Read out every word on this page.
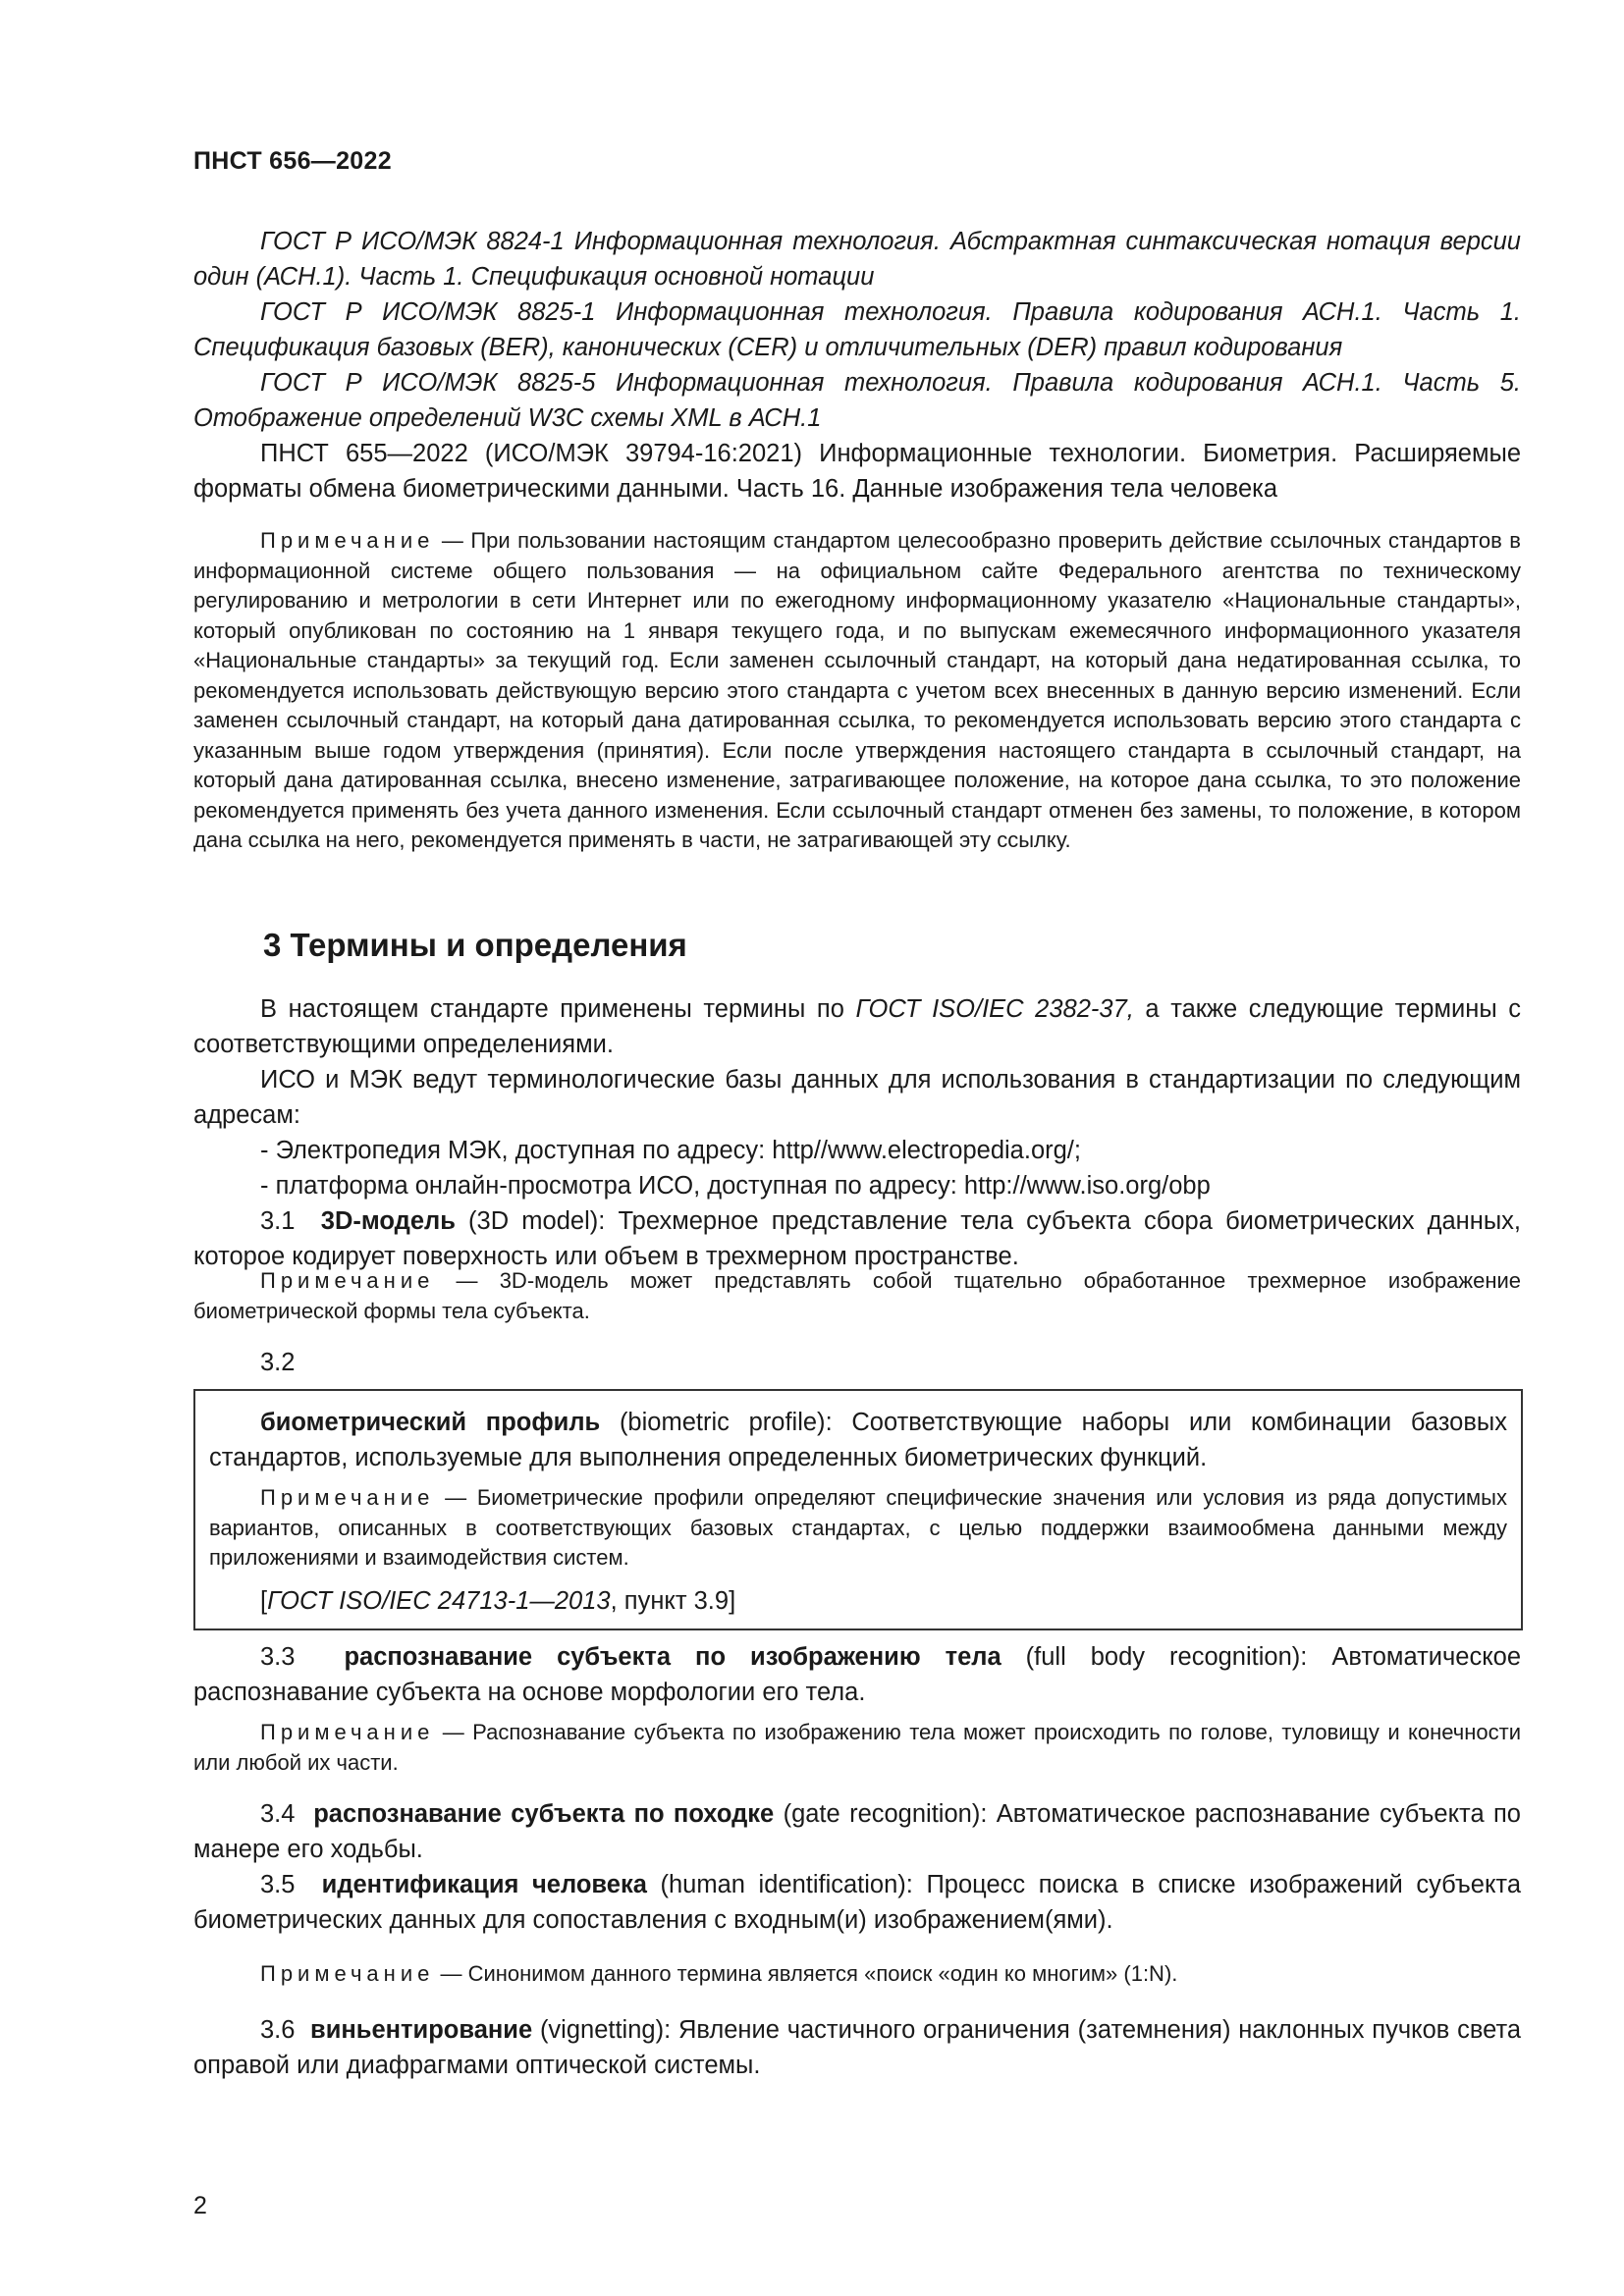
ПНСТ 656—2022

ГОСТ Р ИСО/МЭК 8824-1 Информационная технология. Абстрактная синтаксическая нотация версии один (АСН.1). Часть 1. Спецификация основной нотации

ГОСТ Р ИСО/МЭК 8825-1 Информационная технология. Правила кодирования АСН.1. Часть 1. Спецификация базовых (BER), канонических (CER) и отличительных (DER) правил кодирования

ГОСТ Р ИСО/МЭК 8825-5 Информационная технология. Правила кодирования АСН.1. Часть 5. Отображение определений W3C схемы XML в АСН.1

ПНСТ 655—2022 (ИСО/МЭК 39794-16:2021) Информационные технологии. Биометрия. Расширяемые форматы обмена биометрическими данными. Часть 16. Данные изображения тела человека

Примечание — При пользовании настоящим стандартом целесообразно проверить действие ссылочных стандартов в информационной системе общего пользования — на официальном сайте Федерального агентства по техническому регулированию и метрологии в сети Интернет или по ежегодному информационному указателю «Национальные стандарты», который опубликован по состоянию на 1 января текущего года, и по выпускам ежемесячного информационного указателя «Национальные стандарты» за текущий год. Если заменен ссылочный стандарт, на который дана недатированная ссылка, то рекомендуется использовать действующую версию этого стандарта с учетом всех внесенных в данную версию изменений. Если заменен ссылочный стандарт, на который дана датированная ссылка, то рекомендуется использовать версию этого стандарта с указанным выше годом утверждения (принятия). Если после утверждения настоящего стандарта в ссылочный стандарт, на который дана датированная ссылка, внесено изменение, затрагивающее положение, на которое дана ссылка, то это положение рекомендуется применять без учета данного изменения. Если ссылочный стандарт отменен без замены, то положение, в котором дана ссылка на него, рекомендуется применять в части, не затрагивающей эту ссылку.

3 Термины и определения

В настоящем стандарте применены термины по ГОСТ ISO/IEC 2382-37, а также следующие термины с соответствующими определениями.

ИСО и МЭК ведут терминологические базы данных для использования в стандартизации по следующим адресам:

- Электропедия МЭК, доступная по адресу: http//www.electropedia.org/;

- платформа онлайн-просмотра ИСО, доступная по адресу: http://www.iso.org/obp

3.1 3D-модель (3D model): Трехмерное представление тела субъекта сбора биометрических данных, которое кодирует поверхность или объем в трехмерном пространстве.

Примечание — 3D-модель может представлять собой тщательно обработанное трехмерное изображение биометрической формы тела субъекта.

3.2

биометрический профиль (biometric profile): Соответствующие наборы или комбинации базовых стандартов, используемые для выполнения определенных биометрических функций.

Примечание — Биометрические профили определяют специфические значения или условия из ряда допустимых вариантов, описанных в соответствующих базовых стандартах, с целью поддержки взаимообмена данными между приложениями и взаимодействия систем.

[ГОСТ ISO/IEC 24713-1—2013, пункт 3.9]

3.3 распознавание субъекта по изображению тела (full body recognition): Автоматическое распознавание субъекта на основе морфологии его тела.

Примечание — Распознавание субъекта по изображению тела может происходить по голове, туловищу и конечности или любой их части.

3.4 распознавание субъекта по походке (gate recognition): Автоматическое распознавание субъекта по манере его ходьбы.

3.5 идентификация человека (human identification): Процесс поиска в списке изображений субъекта биометрических данных для сопоставления с входным(и) изображением(ями).

Примечание — Синонимом данного термина является «поиск «один ко многим» (1:N).

3.6 виньентирование (vignetting): Явление частичного ограничения (затемнения) наклонных пучков света оправой или диафрагмами оптической системы.

2
